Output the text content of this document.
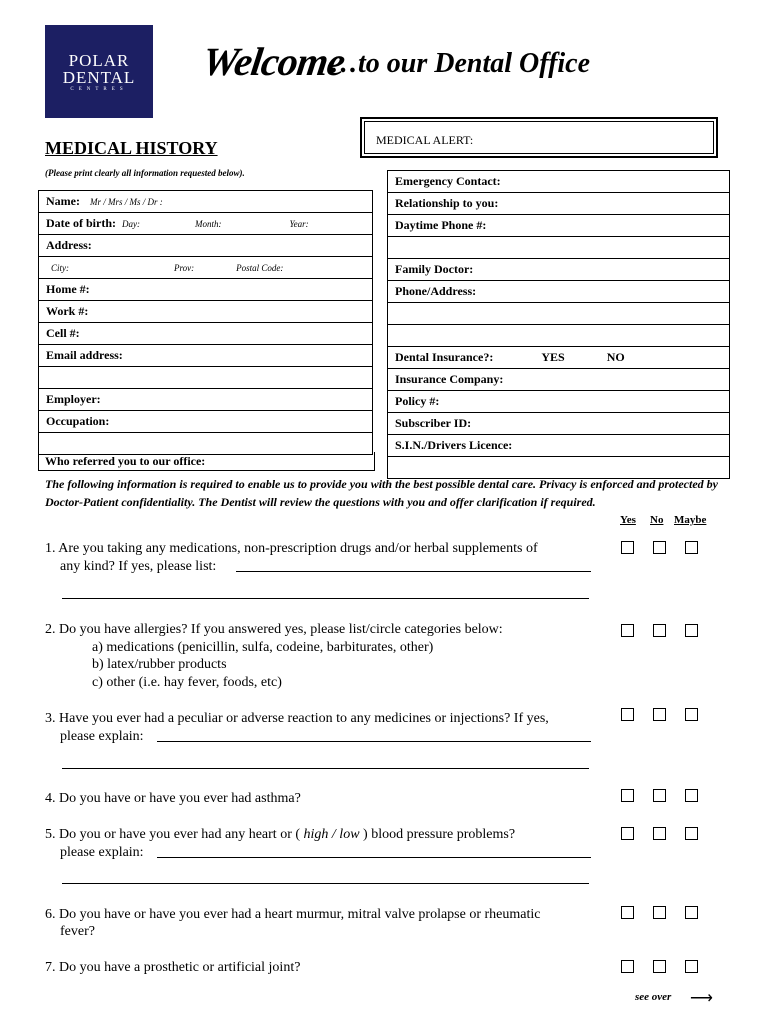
POLAR
DENTAL
CENTRES
Welcome
…to our Dental Office
MEDICAL ALERT:
MEDICAL HISTORY
(Please print clearly all information requested below).
Name: Mr / Mrs / Ms / Dr :
Date of birth: Day:	Month:	Year:
Address:
City:	Prov:	Postal Code:
Home #:
Work #:
Cell #:
Email address:

Employer:
Occupation:

Who referred you to our office:
Emergency Contact:
Relationship to you:
Daytime Phone #:

Family Doctor:
Phone/Address:

Dental Insurance?:	YES	NO
Insurance Company:
Policy #:
Subscriber ID:
S.I.N./Drivers Licence:

The following information is required to enable us to provide you with the best possible dental care. Privacy is enforced and protected by Doctor-Patient confidentiality. The Dentist will review the questions with you and offer clarification if required.
Yes No Maybe
1. Are you taking any medications, non-prescription drugs and/or herbal supplements of
any kind? If yes, please list:
2. Do you have allergies? If you answered yes, please list/circle categories below:
a) medications (penicillin, sulfa, codeine, barbiturates, other)
b) latex/rubber products
c) other (i.e. hay fever, foods, etc)
3. Have you ever had a peculiar or adverse reaction to any medicines or injections? If yes,
please explain:
4. Do you have or have you ever had asthma?
5. Do you or have you ever had any heart or ( high / low ) blood pressure problems?
please explain:
6. Do you have or have you ever had a heart murmur, mitral valve prolapse or rheumatic
fever?
7. Do you have a prosthetic or artificial joint?
see over ⟶
